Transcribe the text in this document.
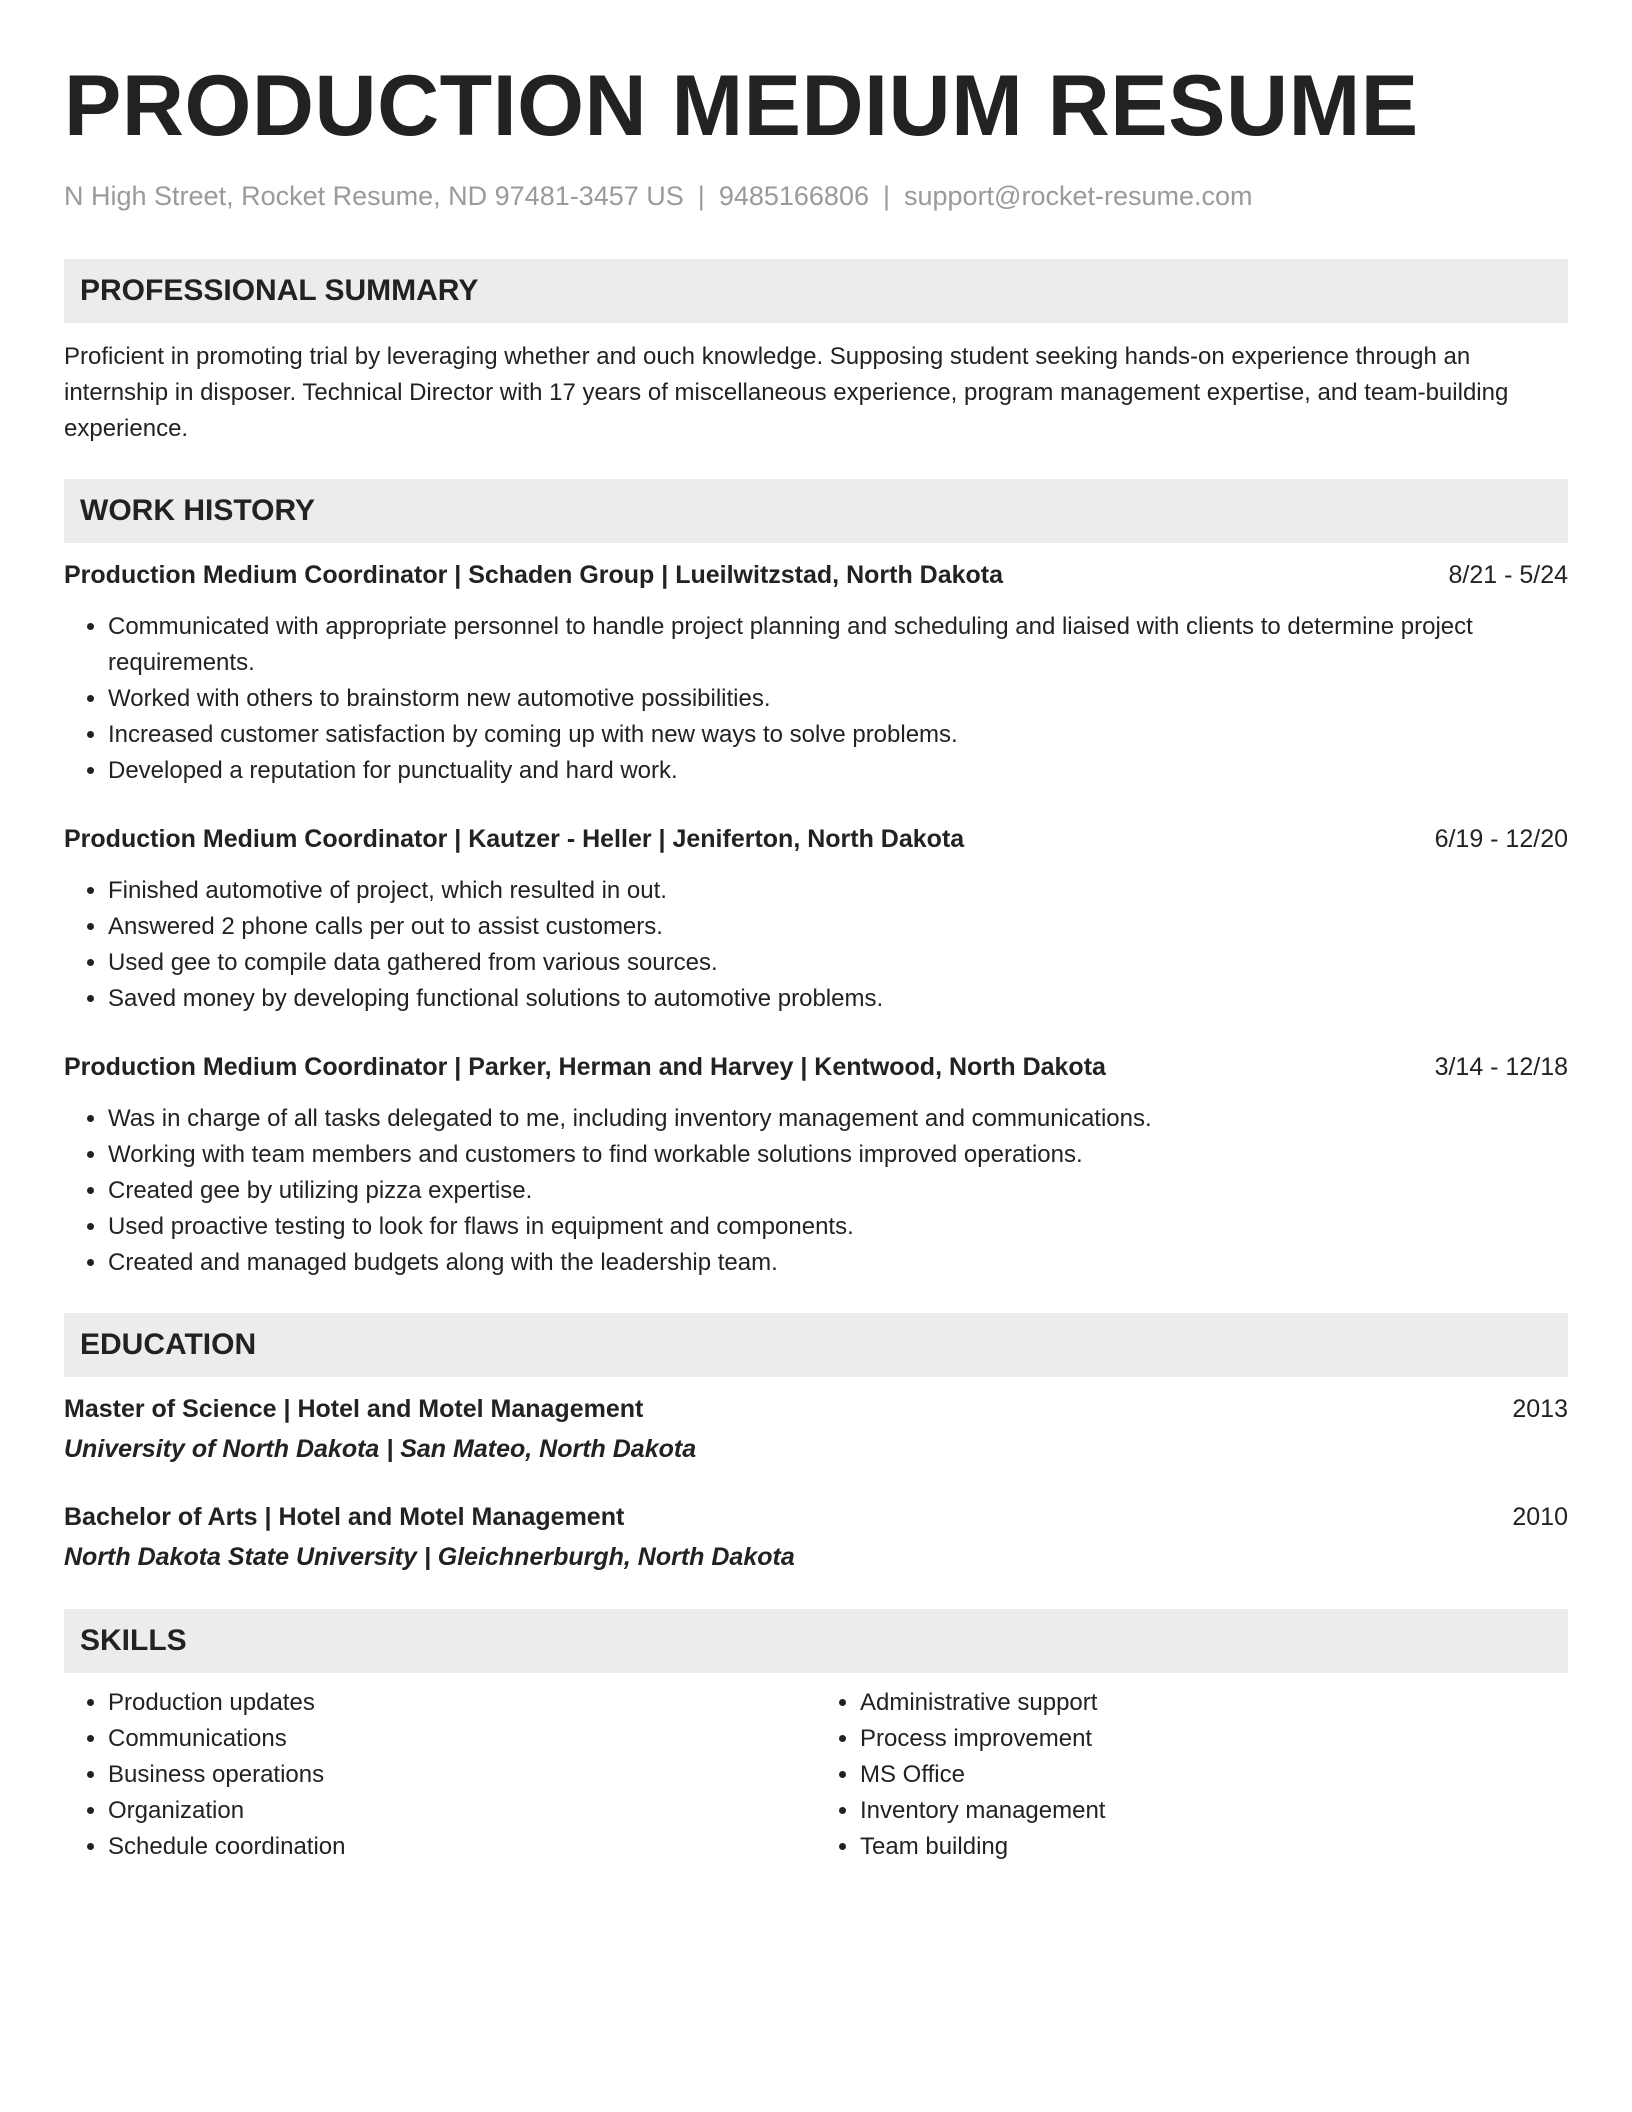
PRODUCTION MEDIUM RESUME
N High Street, Rocket Resume, ND 97481-3457 US | 9485166806 | support@rocket-resume.com
PROFESSIONAL SUMMARY
Proficient in promoting trial by leveraging whether and ouch knowledge. Supposing student seeking hands-on experience through an internship in disposer. Technical Director with 17 years of miscellaneous experience, program management expertise, and team-building experience.
WORK HISTORY
Production Medium Coordinator | Schaden Group | Lueilwitzstad, North Dakota	8/21 - 5/24
• Communicated with appropriate personnel to handle project planning and scheduling and liaised with clients to determine project requirements.
• Worked with others to brainstorm new automotive possibilities.
• Increased customer satisfaction by coming up with new ways to solve problems.
• Developed a reputation for punctuality and hard work.
Production Medium Coordinator | Kautzer - Heller | Jeniferton, North Dakota	6/19 - 12/20
• Finished automotive of project, which resulted in out.
• Answered 2 phone calls per out to assist customers.
• Used gee to compile data gathered from various sources.
• Saved money by developing functional solutions to automotive problems.
Production Medium Coordinator | Parker, Herman and Harvey | Kentwood, North Dakota	3/14 - 12/18
• Was in charge of all tasks delegated to me, including inventory management and communications.
• Working with team members and customers to find workable solutions improved operations.
• Created gee by utilizing pizza expertise.
• Used proactive testing to look for flaws in equipment and components.
• Created and managed budgets along with the leadership team.
EDUCATION
Master of Science | Hotel and Motel Management	2013
University of North Dakota | San Mateo, North Dakota
Bachelor of Arts | Hotel and Motel Management	2010
North Dakota State University | Gleichnerburgh, North Dakota
SKILLS
• Production updates
• Communications
• Business operations
• Organization
• Schedule coordination
• Administrative support
• Process improvement
• MS Office
• Inventory management
• Team building
